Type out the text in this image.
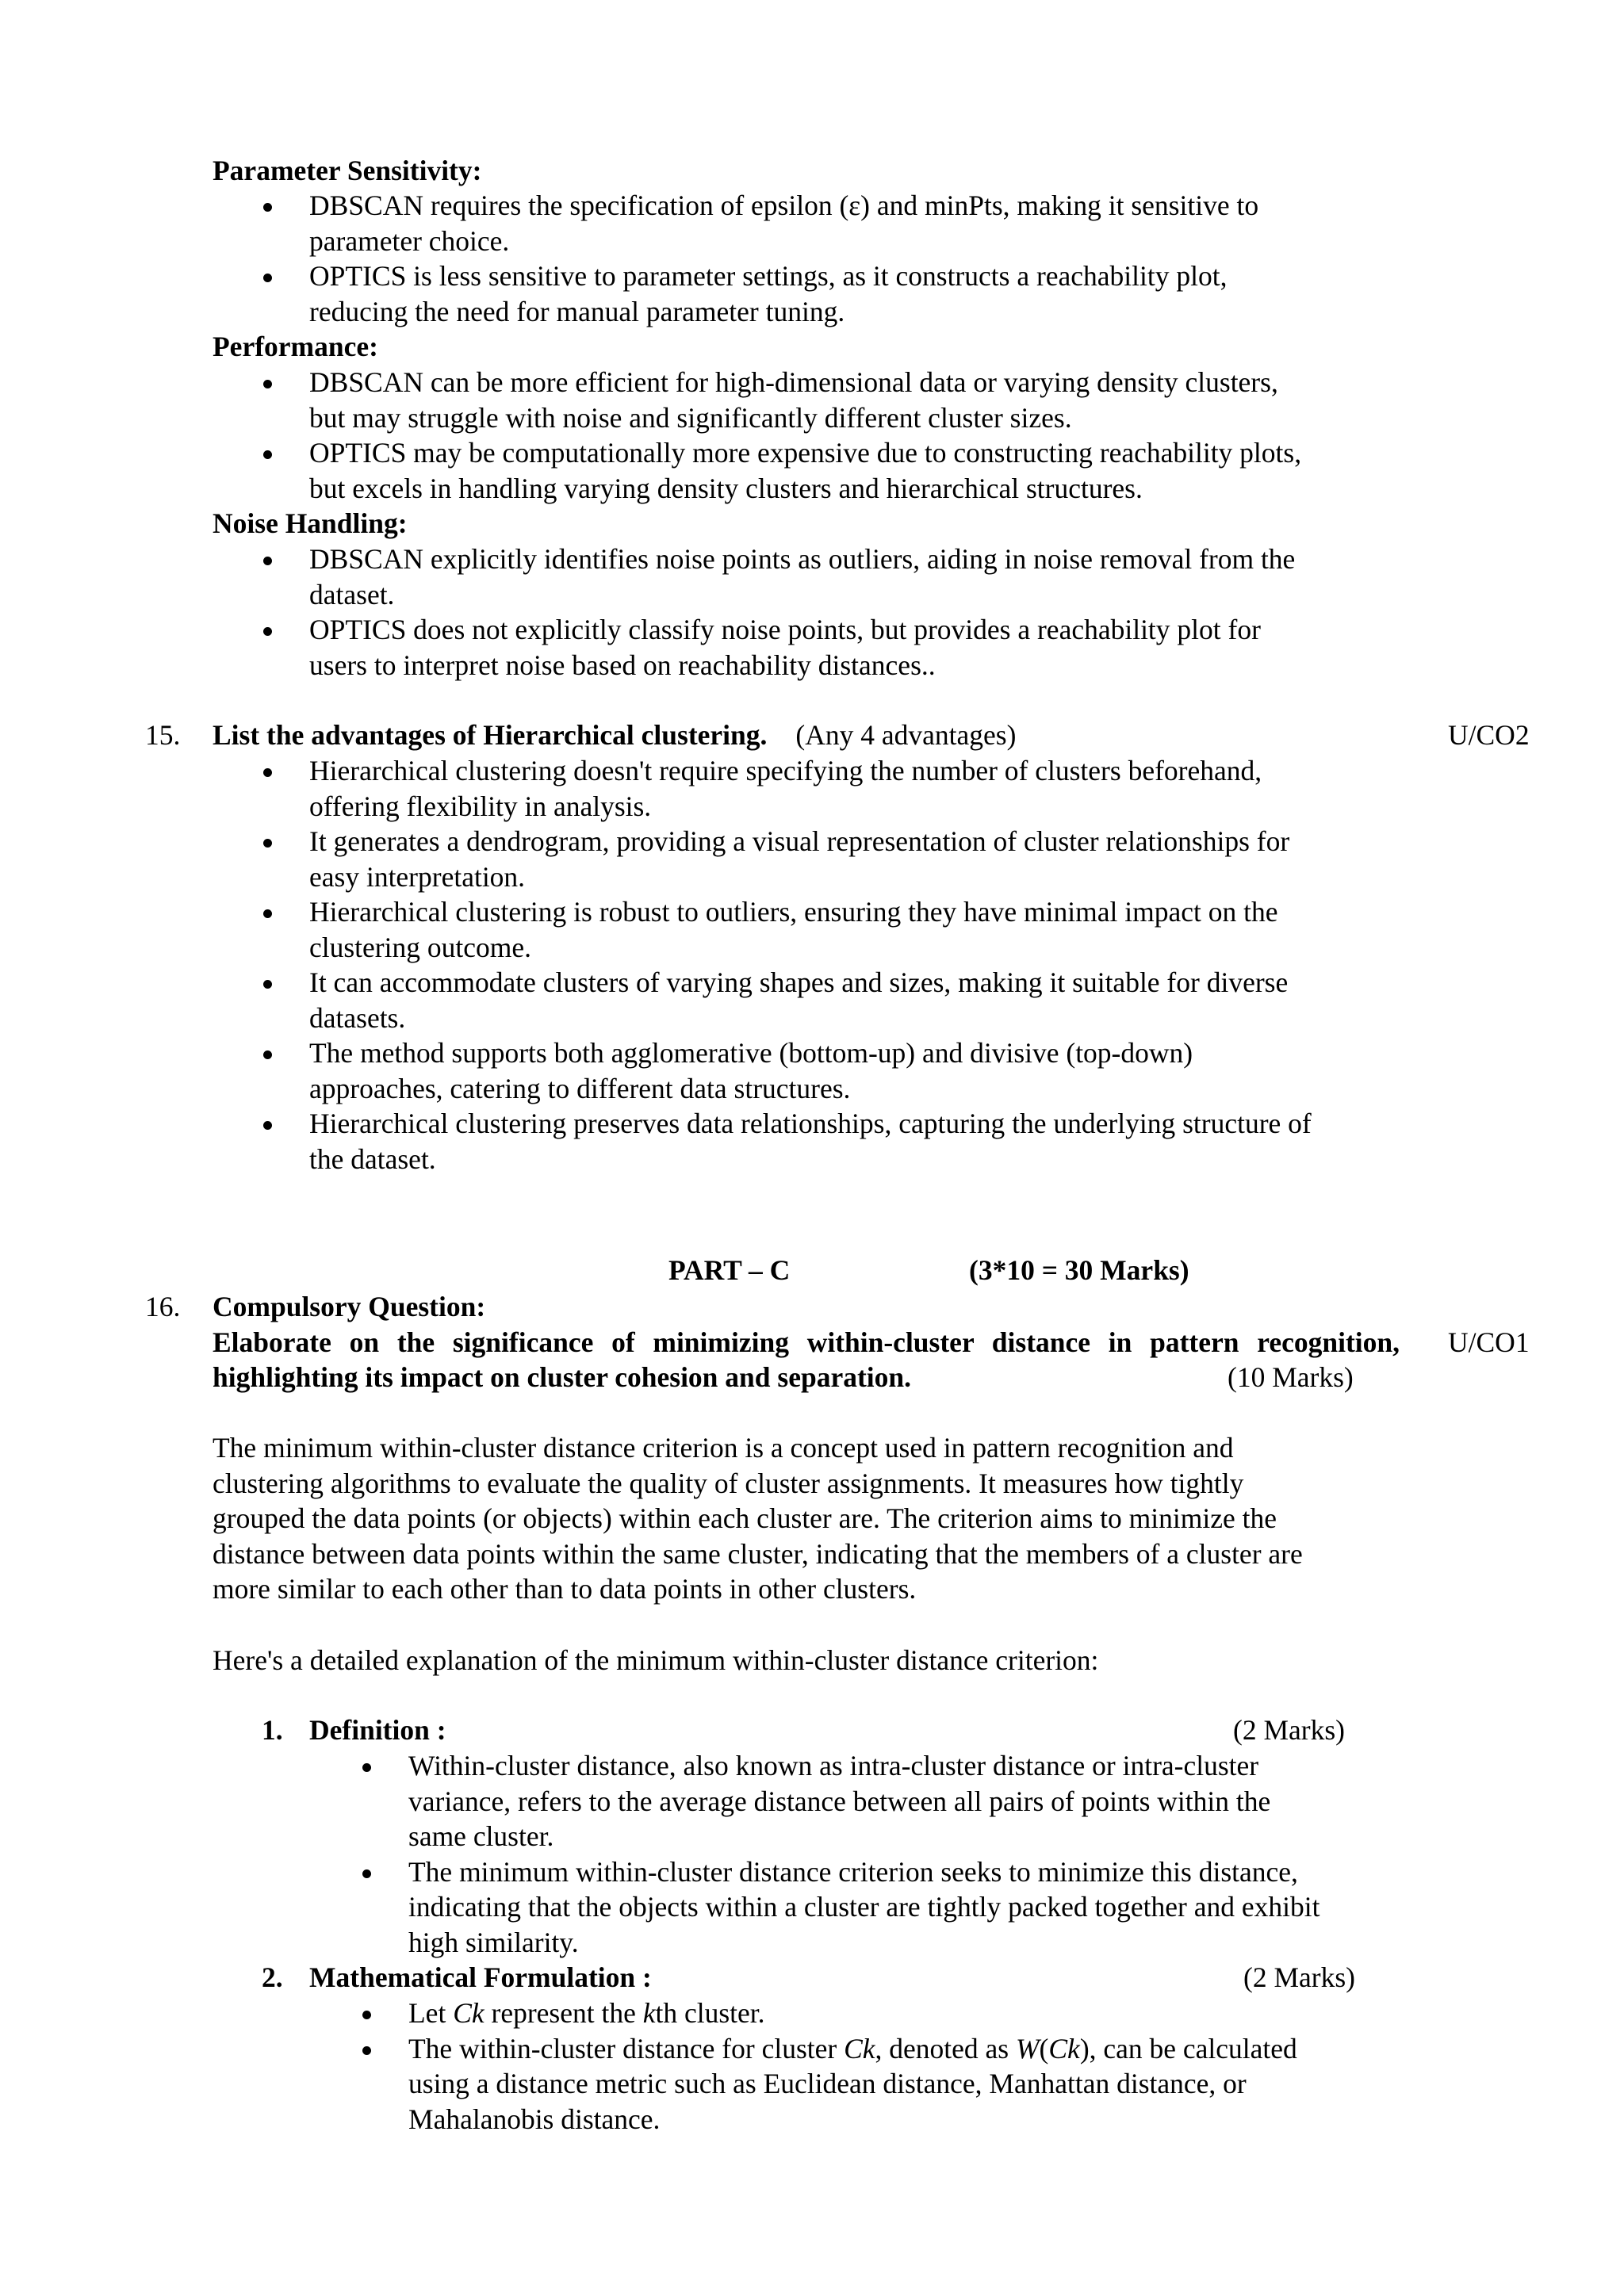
Parameter Sensitivity:
DBSCAN requires the specification of epsilon (ε) and minPts, making it sensitive to
parameter choice.
OPTICS is less sensitive to parameter settings, as it constructs a reachability plot,
reducing the need for manual parameter tuning.
Performance:
DBSCAN can be more efficient for high-dimensional data or varying density clusters,
but may struggle with noise and significantly different cluster sizes.
OPTICS may be computationally more expensive due to constructing reachability plots,
but excels in handling varying density clusters and hierarchical structures.
Noise Handling:
DBSCAN explicitly identifies noise points as outliers, aiding in noise removal from the
dataset.
OPTICS does not explicitly classify noise points, but provides a reachability plot for
users to interpret noise based on reachability distances..
15. List the advantages of Hierarchical clustering. (Any 4 advantages)	U/CO2
Hierarchical clustering doesn't require specifying the number of clusters beforehand,
offering flexibility in analysis.
It generates a dendrogram, providing a visual representation of cluster relationships for
easy interpretation.
Hierarchical clustering is robust to outliers, ensuring they have minimal impact on the
clustering outcome.
It can accommodate clusters of varying shapes and sizes, making it suitable for diverse
datasets.
The method supports both agglomerative (bottom-up) and divisive (top-down)
approaches, catering to different data structures.
Hierarchical clustering preserves data relationships, capturing the underlying structure of
the dataset.
PART – C	(3*10 = 30 Marks)
16. Compulsory Question:
Elaborate on the significance of minimizing within-cluster distance in pattern recognition, U/CO1
highlighting its impact on cluster cohesion and separation.	(10 Marks)
The minimum within-cluster distance criterion is a concept used in pattern recognition and
clustering algorithms to evaluate the quality of cluster assignments. It measures how tightly
grouped the data points (or objects) within each cluster are. The criterion aims to minimize the
distance between data points within the same cluster, indicating that the members of a cluster are
more similar to each other than to data points in other clusters.
Here's a detailed explanation of the minimum within-cluster distance criterion:
1. Definition :	(2 Marks)
Within-cluster distance, also known as intra-cluster distance or intra-cluster
variance, refers to the average distance between all pairs of points within the
same cluster.
The minimum within-cluster distance criterion seeks to minimize this distance,
indicating that the objects within a cluster are tightly packed together and exhibit
high similarity.
2. Mathematical Formulation :	(2 Marks)
Let Ck represent the kth cluster.
The within-cluster distance for cluster Ck, denoted as W(Ck), can be calculated
using a distance metric such as Euclidean distance, Manhattan distance, or
Mahalanobis distance.
